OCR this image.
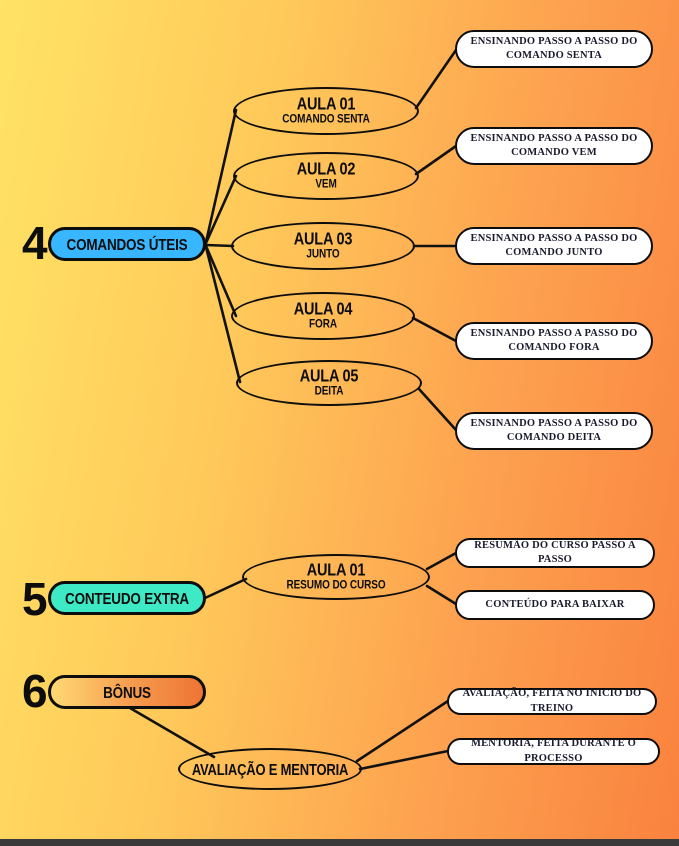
4 COMANDOS ÚTEIS
AULA 01
COMANDO SENTA
AULA 02
VEM
AULA 03
JUNTO
AULA 04
FORA
AULA 05
DEITA
ENSINANDO PASSO A PASSO DO COMANDO SENTA
ENSINANDO PASSO A PASSO DO COMANDO VEM
ENSINANDO PASSO A PASSO DO COMANDO JUNTO
ENSINANDO PASSO A PASSO DO COMANDO FORA
ENSINANDO PASSO A PASSO DO COMANDO DEITA
5 CONTEUDO EXTRA
AULA 01
RESUMO DO CURSO
RESUMÃO DO CURSO PASSO A PASSO
CONTEÚDO PARA BAIXAR
6	BÔNUS
AVALIAÇÃO E MENTORIA
AVALIAÇÃO, FEITA NO INICIO DO TREINO
MENTORIA, FEITA DURANTE O PROCESSO
